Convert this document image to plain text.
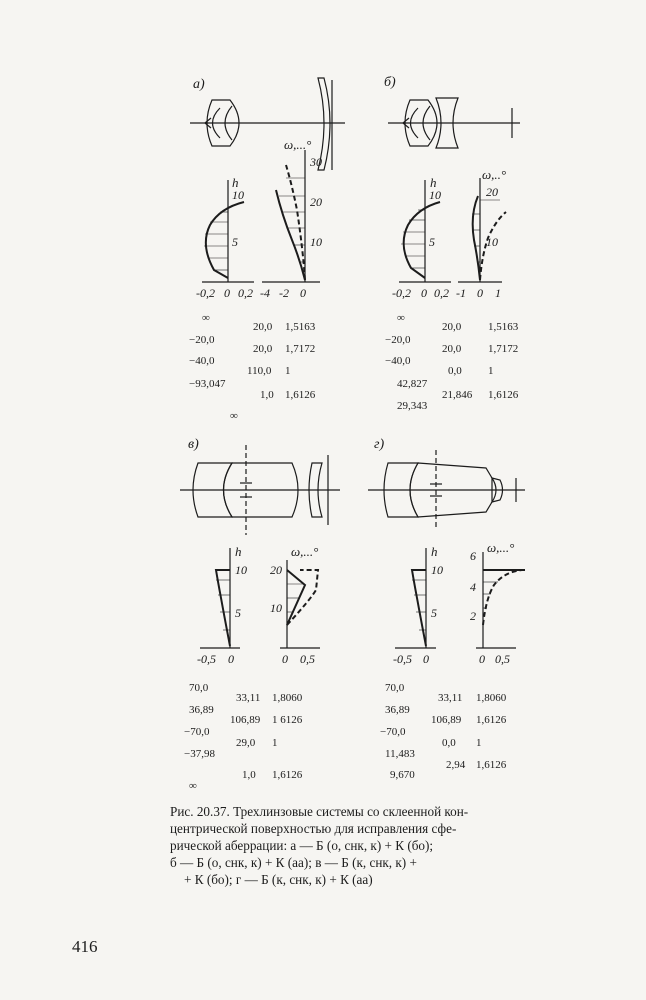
а)
h
10
5
-0,2 0 0,2
ω,...°
30
20
10
-4 -2 0
∞
−20,0
−40,0
−93,047
∞
20,0
20,0
110,0
1,0
1,5163
1,7172
1
1,6126
б)
h
10
5
-0,2 0 0,2
ω,..°
20
10
-1 0 1
∞
−20,0
−40,0
42,827
29,343
20,0
20,0
0,0
21,846
1,5163
1,7172
1
1,6126
в)
h
10
5
-0,5 0
ω,...°
20
10
0 0,5
70,0
36,89
−70,0
−37,98
∞
33,11
106,89
29,0
1,0
1,8060
1 6126
1
1,6126
г)
h
10
5
-0,5 0
ω,...°
6
4
2
0 0,5
70,0
36,89
−70,0
11,483
9,670
33,11
106,89
0,0
2,94
1,8060
1,6126
1
1,6126
Рис. 20.37. Трехлинзовые системы со склеенной кон-
центрической поверхностью для исправления сфе-
рической аберрации: а — Б (о, снк, к) + К (бо);
б — Б (о, снк, к) + К (аа); в — Б (к, снк, к) +
+ К (бо); г — Б (к, снк, к) + К (аа)
416
